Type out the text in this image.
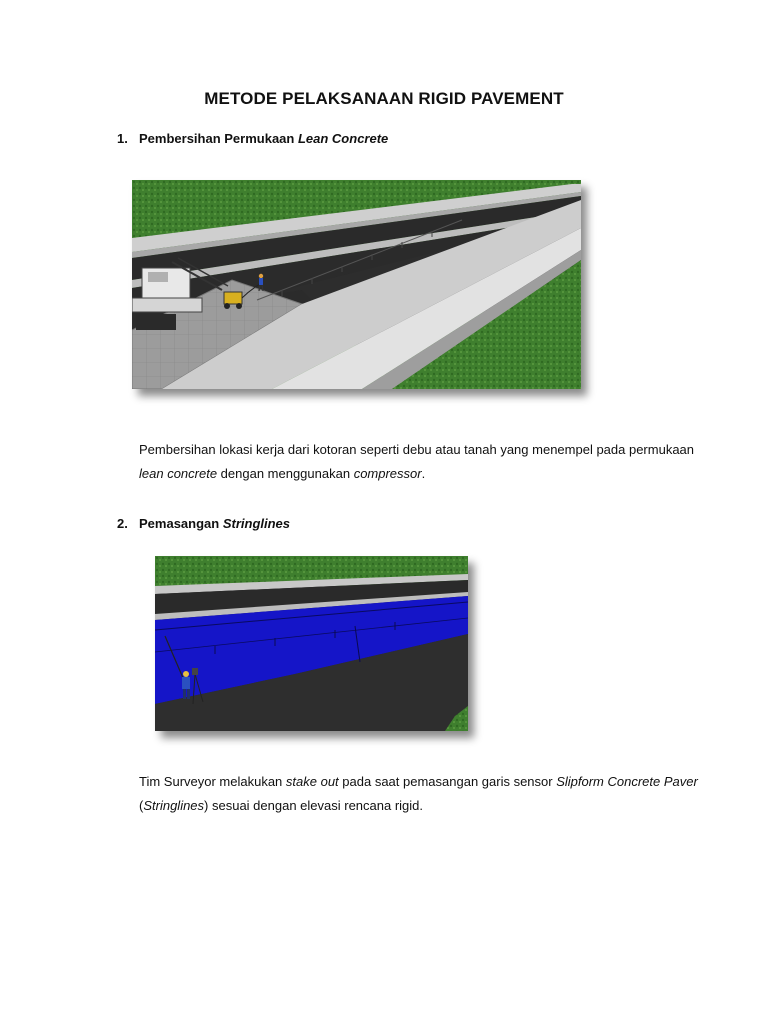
METODE PELAKSANAAN RIGID PAVEMENT
1. Pembersihan Permukaan Lean Concrete
Pembersihan lokasi kerja dari kotoran seperti debu atau tanah yang menempel pada permukaan
lean concrete dengan menggunakan compressor.
2. Pemasangan Stringlines
Tim Surveyor melakukan stake out pada saat pemasangan garis sensor Slipform Concrete Paver
(Stringlines) sesuai dengan elevasi rencana rigid.
